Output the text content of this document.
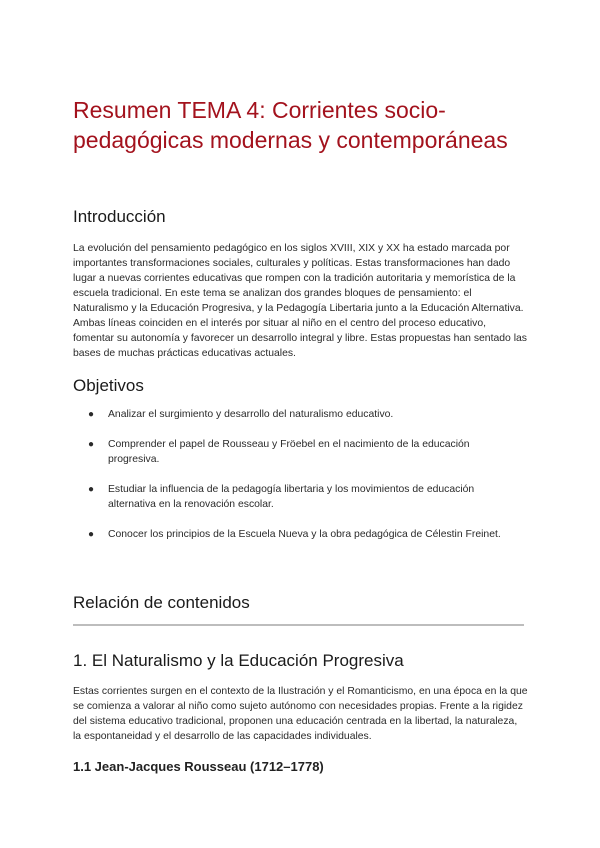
Resumen TEMA 4: Corrientes socio-pedagógicas modernas y contemporáneas
Introducción

La evolución del pensamiento pedagógico en los siglos XVIII, XIX y XX ha estado marcada por importantes transformaciones sociales, culturales y políticas. Estas transformaciones han dado lugar a nuevas corrientes educativas que rompen con la tradición autoritaria y memorística de la escuela tradicional. En este tema se analizan dos grandes bloques de pensamiento: el Naturalismo y la Educación Progresiva, y la Pedagogía Libertaria junto a la Educación Alternativa. Ambas líneas coinciden en el interés por situar al niño en el centro del proceso educativo, fomentar su autonomía y favorecer un desarrollo integral y libre. Estas propuestas han sentado las bases de muchas prácticas educativas actuales.

Objetivos
● Analizar el surgimiento y desarrollo del naturalismo educativo.
● Comprender el papel de Rousseau y Fröebel en el nacimiento de la educación progresiva.
● Estudiar la influencia de la pedagogía libertaria y los movimientos de educación alternativa en la renovación escolar.
● Conocer los principios de la Escuela Nueva y la obra pedagógica de Célestin Freinet.
Relación de contenidos
1. El Naturalismo y la Educación Progresiva

Estas corrientes surgen en el contexto de la Ilustración y el Romanticismo, en una época en la que se comienza a valorar al niño como sujeto autónomo con necesidades propias. Frente a la rigidez del sistema educativo tradicional, proponen una educación centrada en la libertad, la naturaleza, la espontaneidad y el desarrollo de las capacidades individuales.

1.1 Jean-Jacques Rousseau (1712–1778)
